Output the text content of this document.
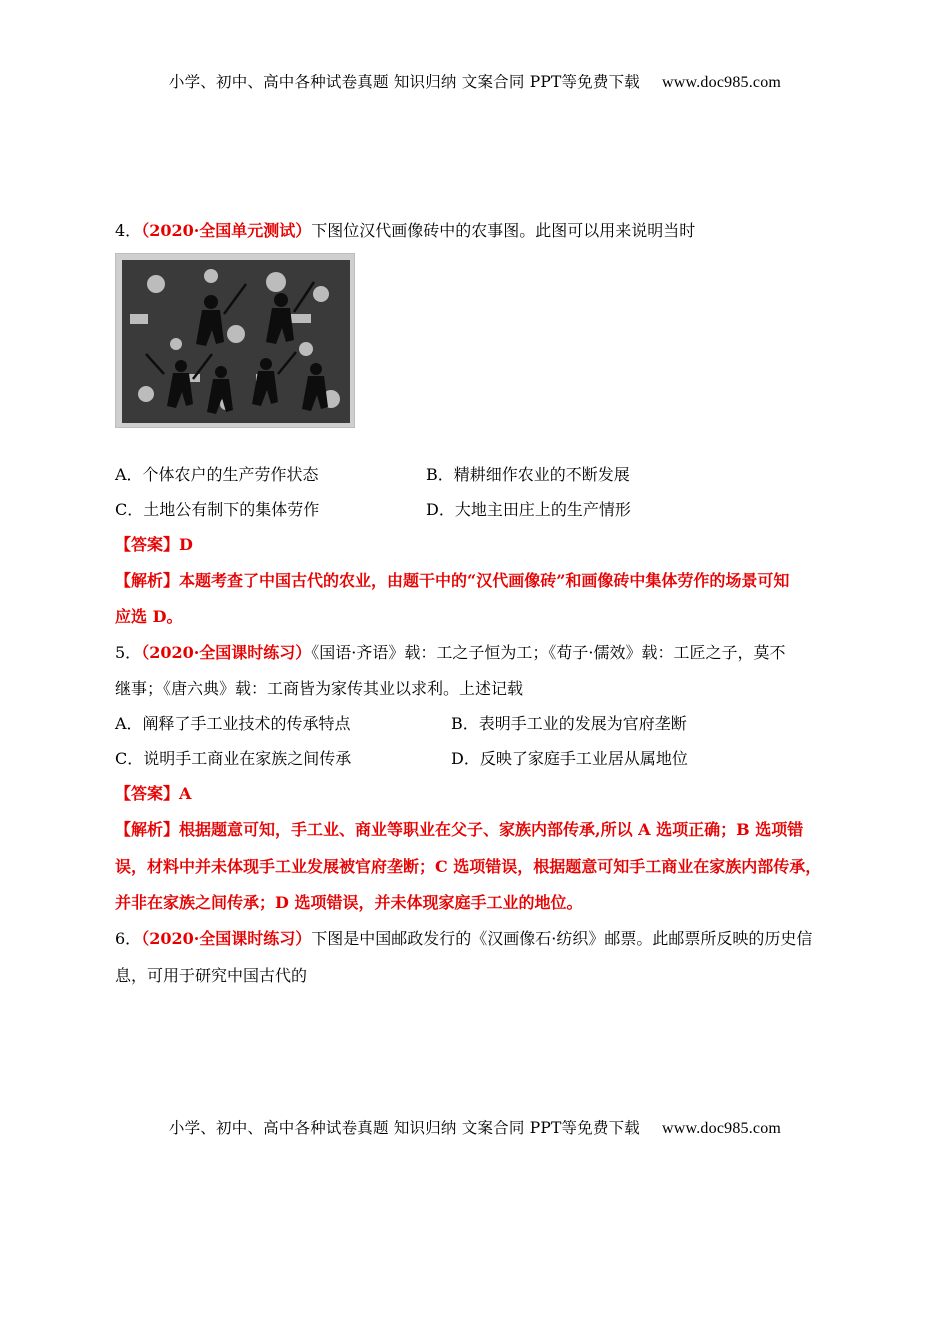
小学、初中、高中各种试卷真题 知识归纳 文案合同 PPT等免费下载 www.doc985.com
4．（2020·全国单元测试）下图位汉代画像砖中的农事图。此图可以用来说明当时
A．个体农户的生产劳作状态	B．精耕细作农业的不断发展
C．土地公有制下的集体劳作	D．大地主田庄上的生产情形
【答案】D
【解析】本题考查了中国古代的农业，由题干中的“汉代画像砖”和画像砖中集体劳作的场景可知
应选 D。
5．（2020·全国课时练习）《国语·齐语》载：工之子恒为工；《荀子·儒效》载：工匠之子，莫不
继事；《唐六典》载：工商皆为家传其业以求利。上述记载
A．阐释了手工业技术的传承特点	B．表明手工业的发展为官府垄断
C．说明手工商业在家族之间传承	D．反映了家庭手工业居从属地位
【答案】A
【解析】根据题意可知，手工业、商业等职业在父子、家族内部传承,所以 A 选项正确；B 选项错
误，材料中并未体现手工业发展被官府垄断；C 选项错误，根据题意可知手工商业在家族内部传承，
并非在家族之间传承；D 选项错误，并未体现家庭手工业的地位。
6．（2020·全国课时练习）下图是中国邮政发行的《汉画像石·纺织》邮票。此邮票所反映的历史信
息，可用于研究中国古代的
小学、初中、高中各种试卷真题 知识归纳 文案合同 PPT等免费下载 www.doc985.com
